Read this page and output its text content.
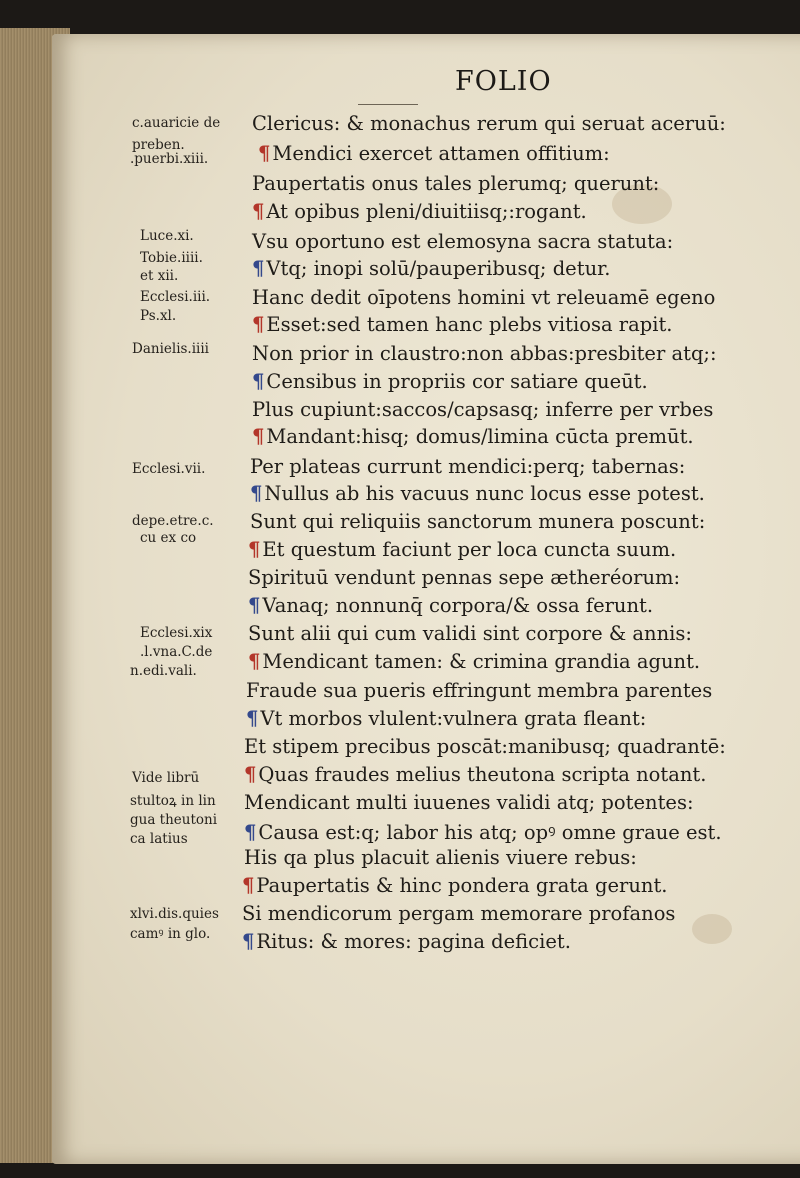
FOLIO
c.auaricie de
preben.
.puerbi.xiii.
Luce.xi.
Tobie.iiii.
et xii.
Ecclesi.iii.
Ps.xl.
Danielis.iiii
Ecclesi.vii.
depe.etre.c.
cu ex co
Ecclesi.xix
.l.vna.C.de
n.edi.vali.
Vide librū
stultoꝝ in lin
gua theutoni
ca latius
xlvi.dis.quies
camꝰ in glo.
Clericus: & monachus rerum qui seruat aceruū:
¶ Mendici exercet attamen offitium:
Paupertatis onus tales plerumq; querunt:
¶ At opibus pleni/diuitiisq;:rogant.
Vsu oportuno est elemosyna sacra statuta:
¶ Vtq; inopi solū/pauperibusq; detur.
Hanc dedit oīpotens homini vt releuamē egeno
¶ Esset:sed tamen hanc plebs vitiosa rapit.
Non prior in claustro:non abbas:presbiter atq;:
¶ Censibus in propriis cor satiare queūt.
Plus cupiunt:saccos/capsasq; inferre per vrbes
¶ Mandant:hisq; domus/limina cūcta premūt.
Per plateas currunt mendici:perq; tabernas:
¶ Nullus ab his vacuus nunc locus esse potest.
Sunt qui reliquiis sanctorum munera poscunt:
¶ Et questum faciunt per loca cuncta suum.
Spirituū vendunt pennas sepe ætheréorum:
¶ Vanaq; nonnunq̄ corpora/& ossa ferunt.
Sunt alii qui cum validi sint corpore & annis:
¶ Mendicant tamen: & crimina grandia agunt.
Fraude sua pueris effringunt membra parentes
¶ Vt morbos vlulent:vulnera grata fleant:
Et stipem precibus poscāt:manibusq; quadrantē:
¶ Quas fraudes melius theutona scripta notant.
Mendicant multi iuuenes validi atq; potentes:
¶ Causa est:q; labor his atq; opꝰ omne graue est.
His qa plus placuit alienis viuere rebus:
¶ Paupertatis & hinc pondera grata gerunt.
Si mendicorum pergam memorare profanos
¶ Ritus: & mores: pagina deficiet.
